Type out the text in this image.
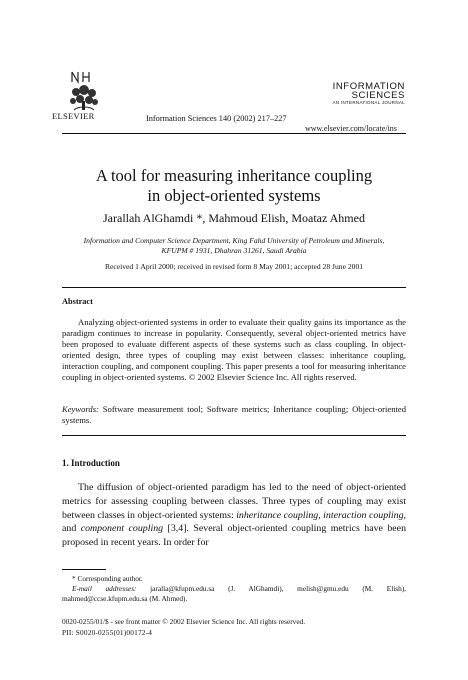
ELSEVIER	Information Sciences 140 (2002) 217–227
INFORMATION
SCIENCES
AN INTERNATIONAL JOURNAL
www.elsevier.com/locate/ins
A tool for measuring inheritance coupling
in object-oriented systems
Jarallah AlGhamdi *, Mahmoud Elish, Moataz Ahmed
Information and Computer Science Department, King Fahd University of Petroleum and Minerals,
KFUPM # 1931, Dhahran 31261, Saudi Arabia
Received 1 April 2000; received in revised form 8 May 2001; accepted 28 June 2001
Abstract
Analyzing object-oriented systems in order to evaluate their quality gains its importance as the paradigm continues to increase in popularity. Consequently, several object-oriented metrics have been proposed to evaluate different aspects of these systems such as class coupling. In object-oriented design, three types of coupling may exist between classes: inheritance coupling, interaction coupling, and component coupling. This paper presents a tool for measuring inheritance coupling in object-oriented systems. © 2002 Elsevier Science Inc. All rights reserved.
Keywords: Software measurement tool; Software metrics; Inheritance coupling; Object-oriented systems.
1. Introduction
The diffusion of object-oriented paradigm has led to the need of object-oriented metrics for assessing coupling between classes. Three types of coupling may exist between classes in object-oriented systems: inheritance coupling, interaction coupling, and component coupling [3,4]. Several object-oriented coupling metrics have been proposed in recent years. In order for
* Corresponding author.
E-mail addresses: jaralla@kfupm.edu.sa (J. AlGhamdi), melish@gmu.edu (M. Elish), mahmed@ccse.kfupm.edu.sa (M. Ahmed).
0020-0255/01/$ - see front matter © 2002 Elsevier Science Inc. All rights reserved.
PII: S0020-0255(01)00172-4
